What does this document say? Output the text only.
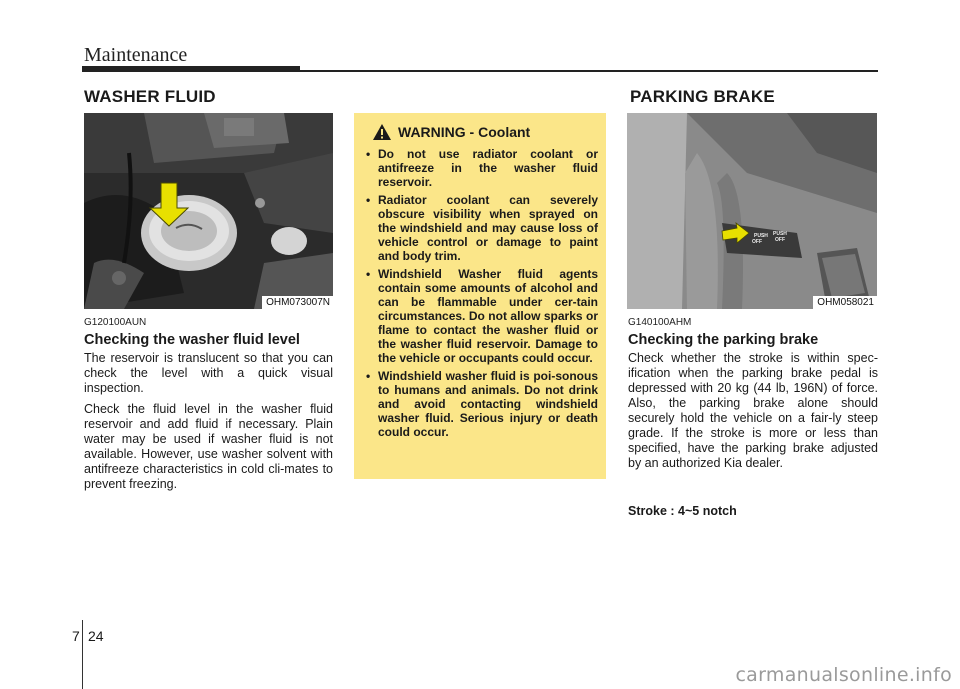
Maintenance
WASHER FLUID	PARKING BRAKE
OHM073007N
G120100AUN
Checking the washer fluid level

The reservoir is translucent so that you can check the level with a quick visual inspection.

Check the fluid level in the washer fluid reservoir and add fluid if necessary. Plain water may be used if washer fluid is not available. However, use washer solvent with antifreeze characteristics in cold cli-mates to prevent freezing.

WARNING - Coolant
• Do not use radiator coolant or antifreeze in the washer fluid reservoir.
• Radiator coolant can severely obscure visibility when sprayed on the windshield and may cause loss of vehicle control or damage to paint and body trim.
• Windshield Washer fluid agents contain some amounts of alcohol and can be flammable under cer-tain circumstances. Do not allow sparks or flame to contact the washer fluid or the washer fluid reservoir. Damage to the vehicle or occupants could occur.
• Windshield washer fluid is poi-sonous to humans and animals. Do not drink and avoid contacting windshield washer fluid. Serious injury or death could occur.
PUSH PUSH
OFF	OFF
OHM058021
G140100AHM
Checking the parking brake

Check whether the stroke is within spec-ification when the parking brake pedal is depressed with 20 kg (44 lb, 196N) of force. Also, the parking brake alone should securely hold the vehicle on a fair-ly steep grade. If the stroke is more or less than specified, have the parking brake adjusted by an authorized Kia dealer.

Stroke : 4~5 notch
7 24
carmanualsonline.info
